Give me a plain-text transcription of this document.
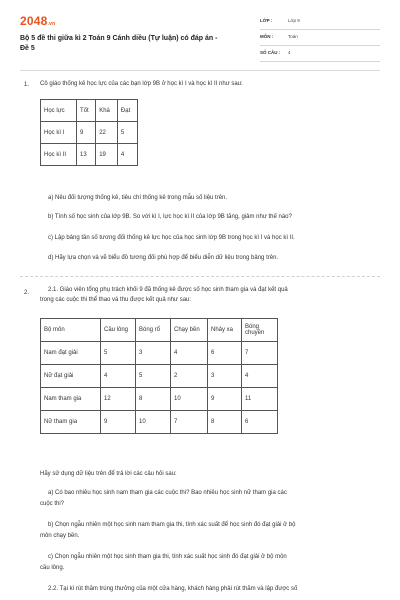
2048.vn
Bộ 5 đề thi giữa kì 2 Toán 9 Cánh diều (Tự luận) có đáp án - Đề 5
LỚP :	Lớp 9
MÔN :	Toán
SỐ CÂU : 4
1. Cô giáo thống kê học lực của các bạn lớp 9B ở học kì I và học kì II như sau:
Học lực	Tốt	Khá	Đạt
Học kì I	9	22	5
Học kì II	13	19	4
a) Nêu đối tượng thống kê, tiêu chí thống kê trong mẫu số liệu trên.
b) Tính số học sinh của lớp 9B. So với kì I, lực học kì II của lớp 9B tăng, giảm như thế nào?
c) Lập bảng tần số tương đối thống kê lực học của học sinh lớp 9B trong học kì I và học kì II.
d) Hãy lựa chọn và vẽ biểu đồ tương đối phù hợp để biểu diễn dữ liệu trong bảng trên.
2.	2.1. Giáo viên tổng phụ trách khối 9 đã thống kê được số học sinh tham gia và đạt kết quả
trong các cuộc thi thể thao và thu được kết quả như sau:
Bộ môn	Cầu lông	Bóng rổ	Chạy bền	Nhảy xa	Bóng chuyền
Nam đạt giải	5	3	4	6	7
Nữ đạt giải	4	5	2	3	4
Nam tham gia	12	8	10	9	11
Nữ tham gia	9	10	7	8	6
Hãy sử dụng dữ liệu trên để trả lời các câu hỏi sau:
a) Có bao nhiêu học sinh nam tham gia các cuộc thi? Bao nhiêu học sinh nữ tham gia các
cuộc thi?
b) Chọn ngẫu nhiên một học sinh nam tham gia thi, tính xác suất để học sinh đó đạt giải ở bộ
môn chạy bền.
c) Chọn ngẫu nhiên một học sinh tham gia thi, tính xác suất học sinh đó đạt giải ở bộ môn
cầu lông.
2.2. Tại kì rút thăm trúng thưởng của một cửa hàng, khách hàng phải rút thăm và lập được số
